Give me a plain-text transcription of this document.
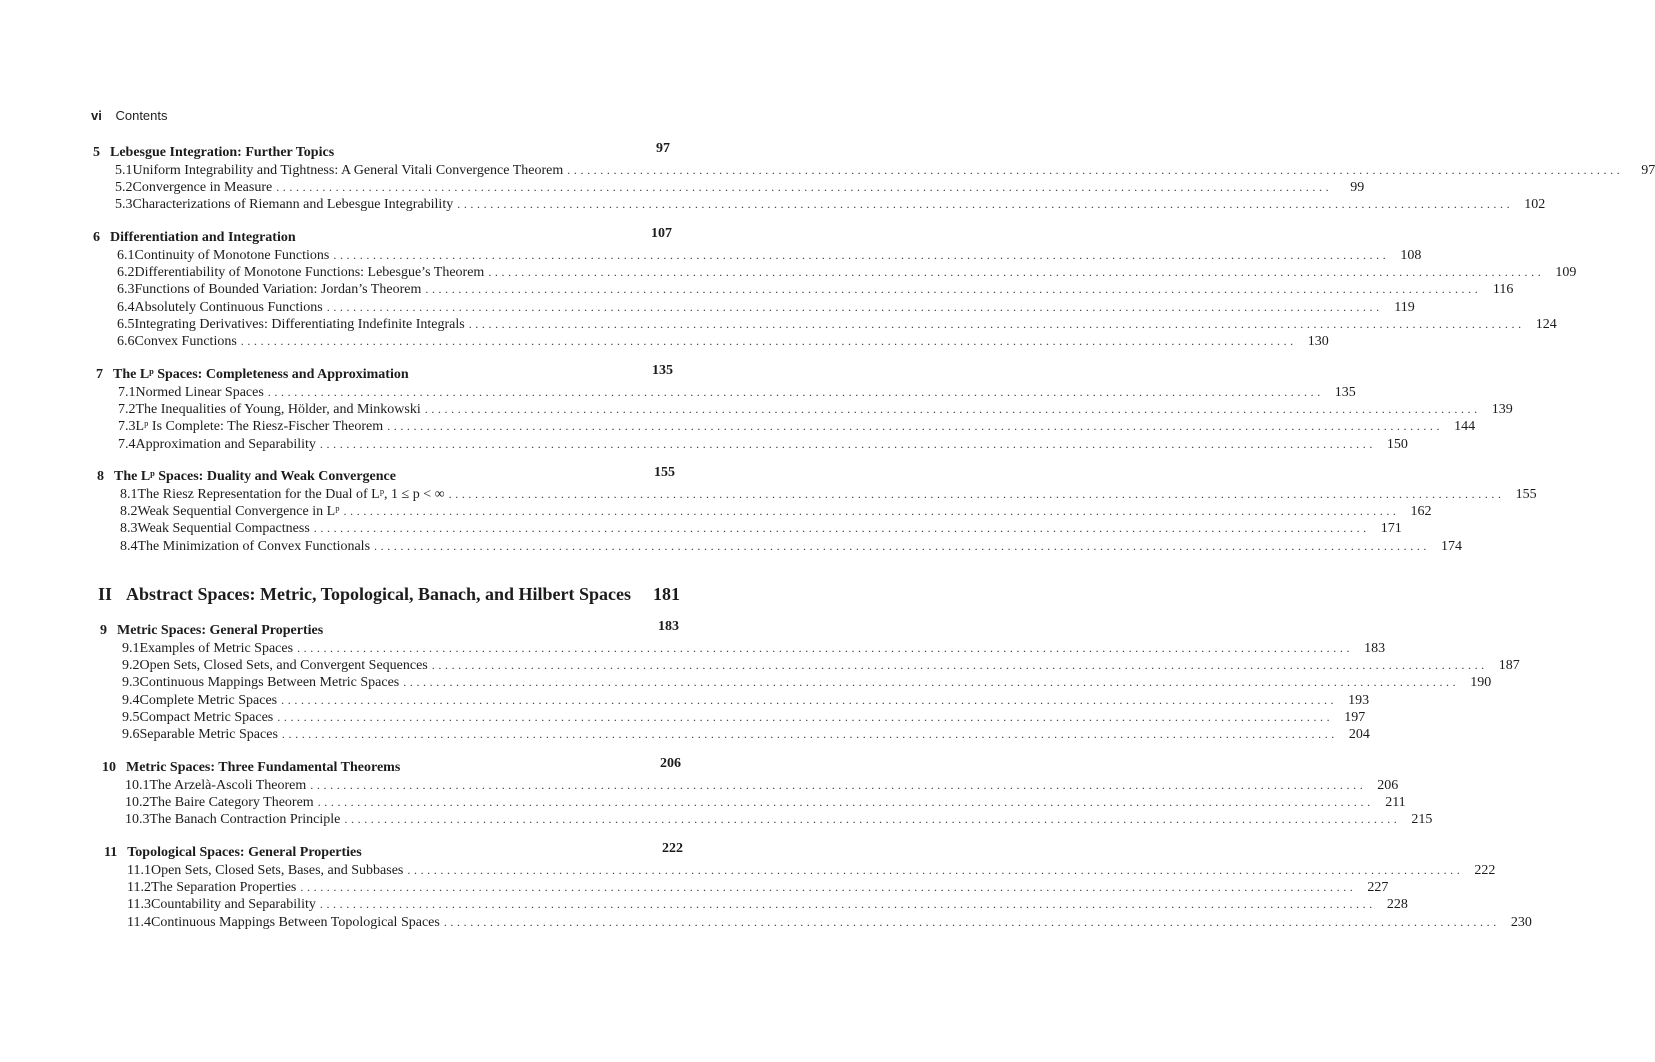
vi Contents
5 Lebesgue Integration: Further Topics	97
5.1 Uniform Integrability and Tightness: A General Vitali Convergence Theorem ................................................................................................................................................................	97
5.2 Convergence in Measure ................................................................................................................................................................	99
5.3 Characterizations of Riemann and Lebesgue Integrability ................................................................................................................................................................ 102
6 Differentiation and Integration	107
6.1 Continuity of Monotone Functions ................................................................................................................................................................ 108
6.2 Differentiability of Monotone Functions: Lebesgue’s Theorem ................................................................................................................................................................ 109
6.3 Functions of Bounded Variation: Jordan’s Theorem ................................................................................................................................................................ 116
6.4 Absolutely Continuous Functions ................................................................................................................................................................ 119
6.5 Integrating Derivatives: Differentiating Indefinite Integrals ................................................................................................................................................................ 124
6.6 Convex Functions ................................................................................................................................................................ 130
7 The Lᵖ Spaces: Completeness and Approximation	135
7.1 Normed Linear Spaces ................................................................................................................................................................ 135
7.2 The Inequalities of Young, Hölder, and Minkowski ................................................................................................................................................................ 139
7.3 Lᵖ Is Complete: The Riesz-Fischer Theorem ................................................................................................................................................................ 144
7.4 Approximation and Separability ................................................................................................................................................................ 150
8 The Lᵖ Spaces: Duality and Weak Convergence	155
8.1 The Riesz Representation for the Dual of Lᵖ, 1 ≤ p < ∞ ................................................................................................................................................................ 155
8.2 Weak Sequential Convergence in Lᵖ ................................................................................................................................................................ 162
8.3 Weak Sequential Compactness ................................................................................................................................................................ 171
8.4 The Minimization of Convex Functionals ................................................................................................................................................................ 174
9 Metric Spaces: General Properties	183
9.1 Examples of Metric Spaces ................................................................................................................................................................ 183
9.2 Open Sets, Closed Sets, and Convergent Sequences ................................................................................................................................................................ 187
9.3 Continuous Mappings Between Metric Spaces ................................................................................................................................................................ 190
9.4 Complete Metric Spaces ................................................................................................................................................................ 193
9.5 Compact Metric Spaces ................................................................................................................................................................ 197
9.6 Separable Metric Spaces ................................................................................................................................................................ 204
10 Metric Spaces: Three Fundamental Theorems	206
10.1 The Arzelà-Ascoli Theorem ................................................................................................................................................................ 206
10.2 The Baire Category Theorem ................................................................................................................................................................ 211
10.3 The Banach Contraction Principle ................................................................................................................................................................ 215
11 Topological Spaces: General Properties	222
11.1 Open Sets, Closed Sets, Bases, and Subbases ................................................................................................................................................................ 222
11.2 The Separation Properties ................................................................................................................................................................ 227
11.3 Countability and Separability ................................................................................................................................................................ 228
11.4 Continuous Mappings Between Topological Spaces ................................................................................................................................................................ 230
II Abstract Spaces: Metric, Topological, Banach, and Hilbert Spaces 181
